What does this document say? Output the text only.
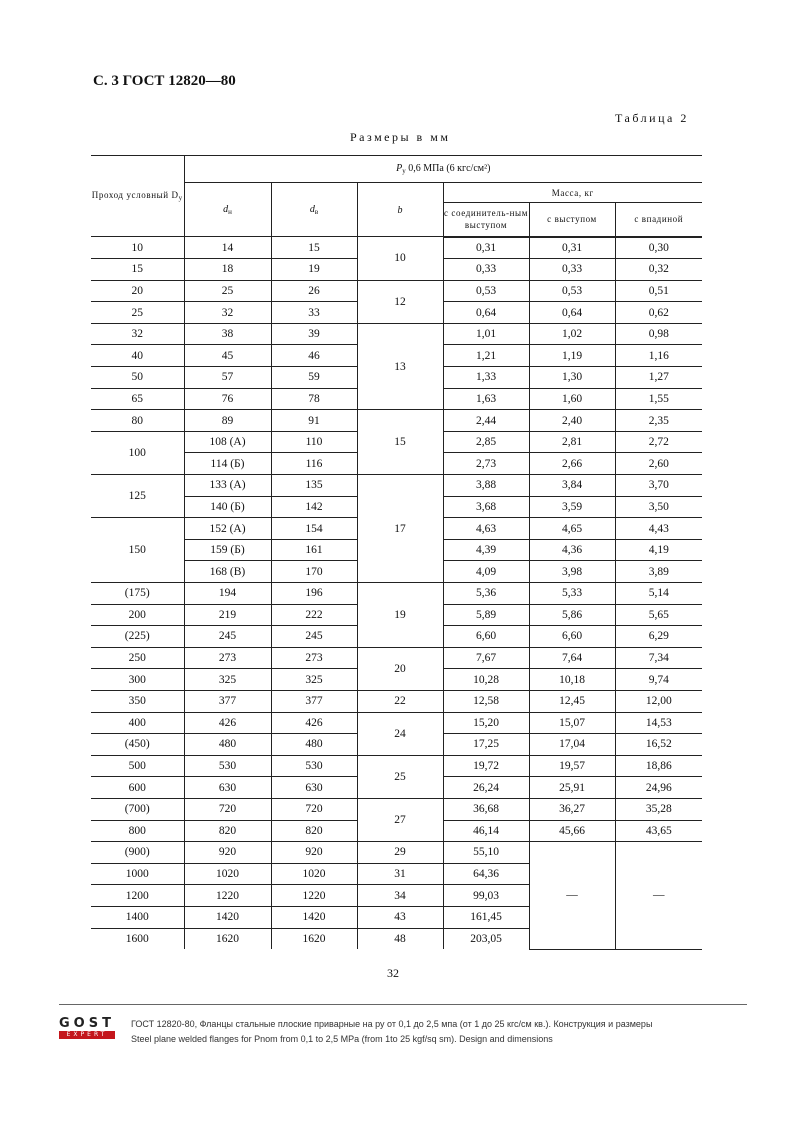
С. 3 ГОСТ 12820—80
Таблица 2
Размеры в мм
Проход условный $D_y$	$P_y$ 0,6 МПа (6 кгс/см²)					
	$d_н$	$d_в$	b	Масса, кг		
				с соединитель-ным выступом	с выступом	с впадиной
10	14	15	10	0,31	0,31	0,30
15	18	19		0,33	0,33	0,32
20	25	26	12	0,53	0,53	0,51
25	32	33		0,64	0,64	0,62
32	38	39	13	1,01	1,02	0,98
40	45	46		1,21	1,19	1,16
50	57	59		1,33	1,30	1,27
65	76	78		1,63	1,60	1,55
80	89	91	15	2,44	2,40	2,35
100	108 (А)	110		2,85	2,81	2,72
	114 (Б)	116		2,73	2,66	2,60
125	133 (А)	135	17	3,88	3,84	3,70
	140 (Б)	142		3,68	3,59	3,50
150	152 (А)	154		4,63	4,65	4,43
	159 (Б)	161		4,39	4,36	4,19
	168 (В)	170		4,09	3,98	3,89
(175)	194	196	19	5,36	5,33	5,14
200	219	222		5,89	5,86	5,65
(225)	245	245		6,60	6,60	6,29
250	273	273	20	7,67	7,64	7,34
300	325	325		10,28	10,18	9,74
350	377	377	22	12,58	12,45	12,00
400	426	426	24	15,20	15,07	14,53
(450)	480	480		17,25	17,04	16,52
500	530	530	25	19,72	19,57	18,86
600	630	630		26,24	25,91	24,96
(700)	720	720	27	36,68	36,27	35,28
800	820	820		46,14	45,66	43,65
(900)	920	920	29	55,10	—	—
1000	1020	1020	31	64,36		
1200	1220	1220	34	99,03		
1400	1420	1420	43	161,45		
1600	1620	1620	48	203,05		
32
GOST
EXPERT
ГОСТ 12820-80, Фланцы стальные плоские приварные на ру от 0,1 до 2,5 мпа (от 1 до 25 кгс/см кв.). Конструкция и размеры
Steel plane welded flanges for Pnom from 0,1 to 2,5 MPa (from 1to 25 kgf/sq sm). Design and dimensions
